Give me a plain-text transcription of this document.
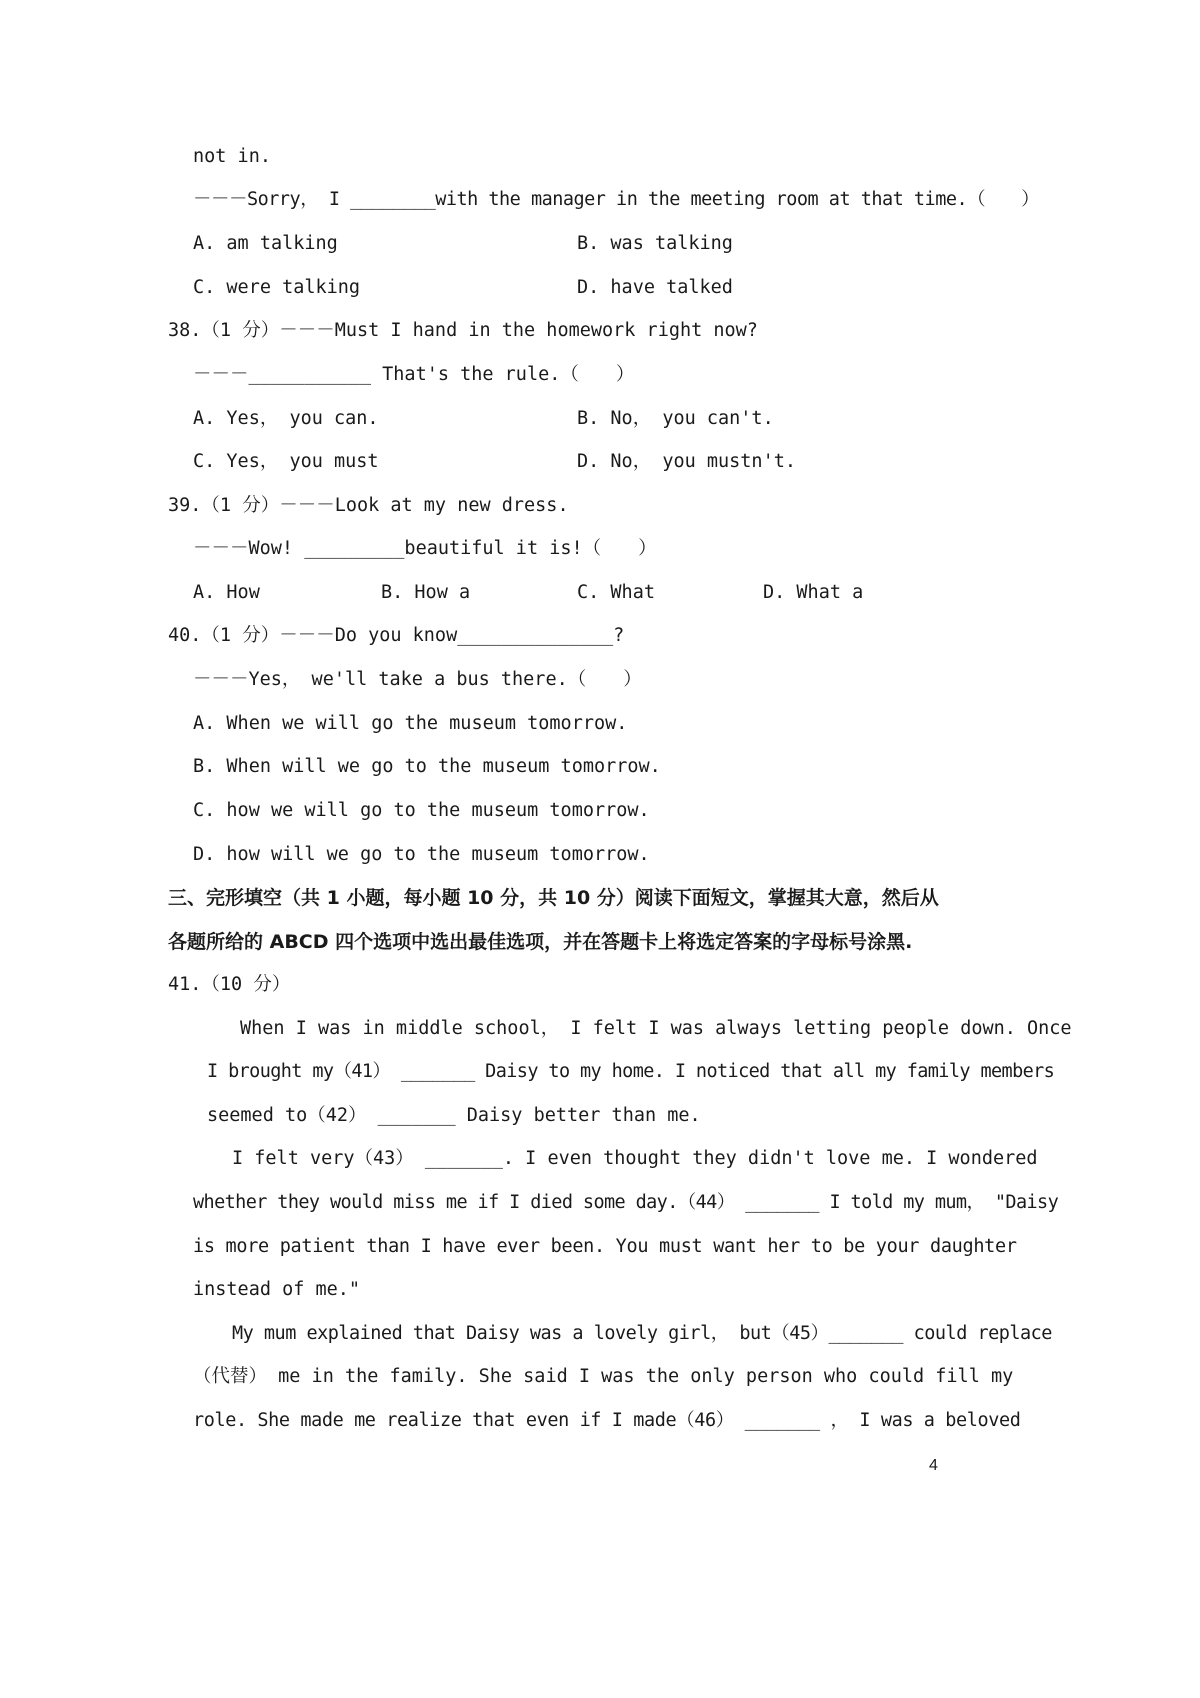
not in.
－－－Sorry， I ________with the manager in the meeting room at that time.（　　）
A. am talking	B. was talking
C. were talking	D. have talked
38.（1 分）－－－Must I hand in the homework right now?
－－－___________ That's the rule.（　　）
A. Yes， you can.	B. No， you can't.
C. Yes， you must	D. No， you mustn't.
39.（1 分）－－－Look at my new dress.
－－－Wow! _________beautiful it is!（　　）
A. How	B. How a	C. What	D. What a
40.（1 分）－－－Do you know______________?
－－－Yes， we'll take a bus there.（　　）
A. When we will go the museum tomorrow.
B. When will we go to the museum tomorrow.
C. how we will go to the museum tomorrow.
D. how will we go to the museum tomorrow.
三、完形填空（共 1 小题，每小题 10 分，共 10 分）阅读下面短文，掌握其大意，然后从
各题所给的 ABCD 四个选项中选出最佳选项，并在答题卡上将选定答案的字母标号涂黑.
41.（10 分）
When I was in middle school， I felt I was always letting people down. Once
I brought my（41） _______ Daisy to my home. I noticed that all my family members
seemed to（42） _______ Daisy better than me.
I felt very（43） _______. I even thought they didn't love me. I wondered
whether they would miss me if I died some day.（44） _______ I told my mum， "Daisy
is more patient than I have ever been. You must want her to be your daughter
instead of me."
My mum explained that Daisy was a lovely girl， but（45）_______ could replace
（代替） me in the family. She said I was the only person who could fill my
role. She made me realize that even if I made（46） _______ ， I was a beloved
4
